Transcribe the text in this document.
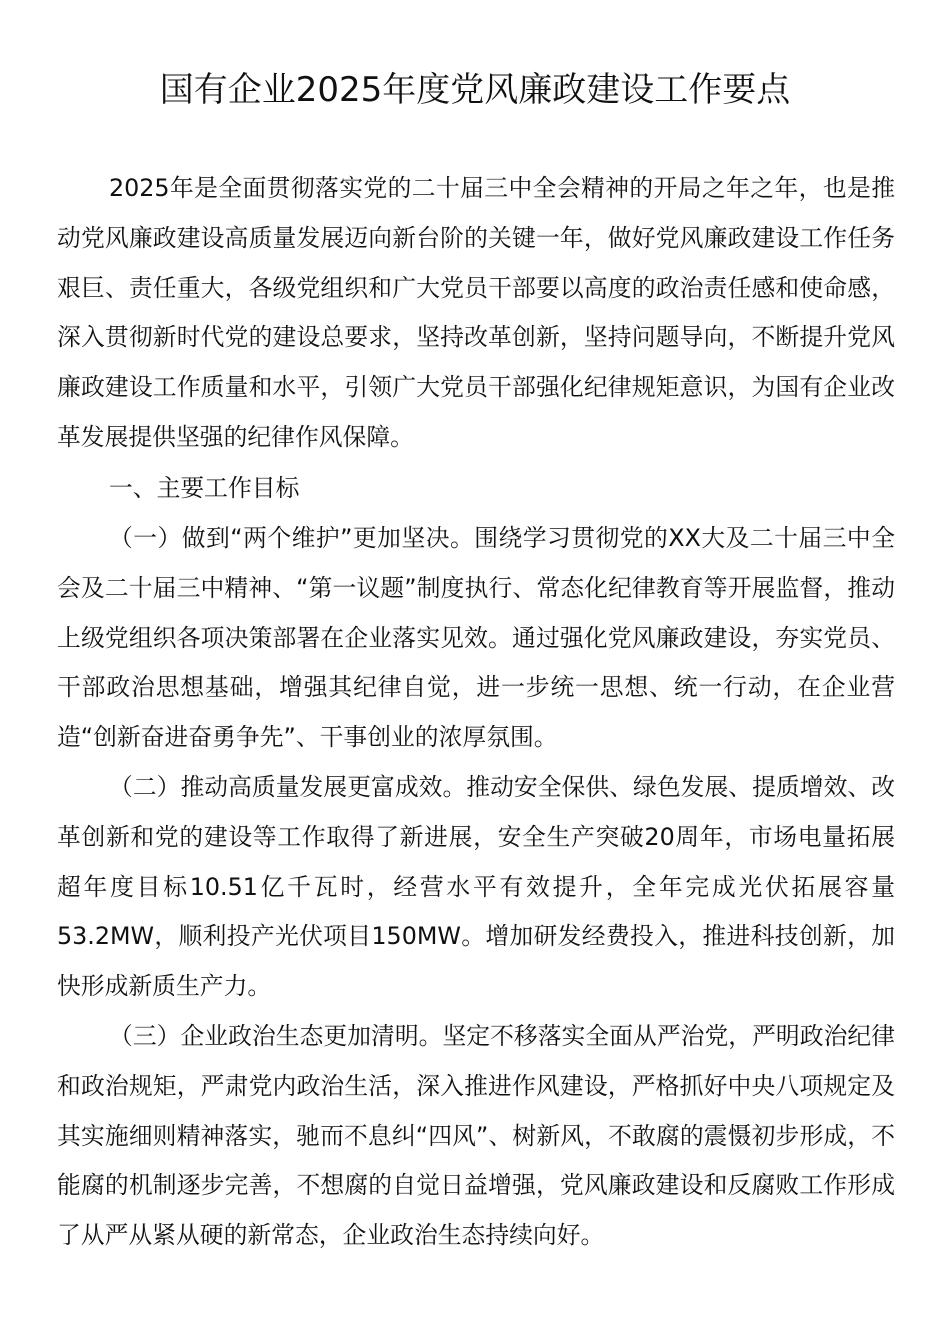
国有企业2025年度党风廉政建设工作要点

2025年是全面贯彻落实党的二十届三中全会精神的开局之年之年，也是推动党风廉政建设高质量发展迈向新台阶的关键一年，做好党风廉政建设工作任务艰巨、责任重大，各级党组织和广大党员干部要以高度的政治责任感和使命感，深入贯彻新时代党的建设总要求，坚持改革创新，坚持问题导向，不断提升党风廉政建设工作质量和水平，引领广大党员干部强化纪律规矩意识，为国有企业改革发展提供坚强的纪律作风保障。

一、主要工作目标

（一）做到“两个维护”更加坚决。围绕学习贯彻党的XX大及二十届三中全会及二十届三中精神、“第一议题”制度执行、常态化纪律教育等开展监督，推动上级党组织各项决策部署在企业落实见效。通过强化党风廉政建设，夯实党员、干部政治思想基础，增强其纪律自觉，进一步统一思想、统一行动，在企业营造“创新奋进奋勇争先”、干事创业的浓厚氛围。

（二）推动高质量发展更富成效。推动安全保供、绿色发展、提质增效、改革创新和党的建设等工作取得了新进展，安全生产突破20周年，市场电量拓展超年度目标10.51亿千瓦时，经营水平有效提升，全年完成光伏拓展容量53.2MW，顺利投产光伏项目150MW。增加研发经费投入，推进科技创新，加快形成新质生产力。

（三）企业政治生态更加清明。坚定不移落实全面从严治党，严明政治纪律和政治规矩，严肃党内政治生活，深入推进作风建设，严格抓好中央八项规定及其实施细则精神落实，驰而不息纠“四风”、树新风，不敢腐的震慑初步形成，不能腐的机制逐步完善，不想腐的自觉日益增强，党风廉政建设和反腐败工作形成了从严从紧从硬的新常态，企业政治生态持续向好。
